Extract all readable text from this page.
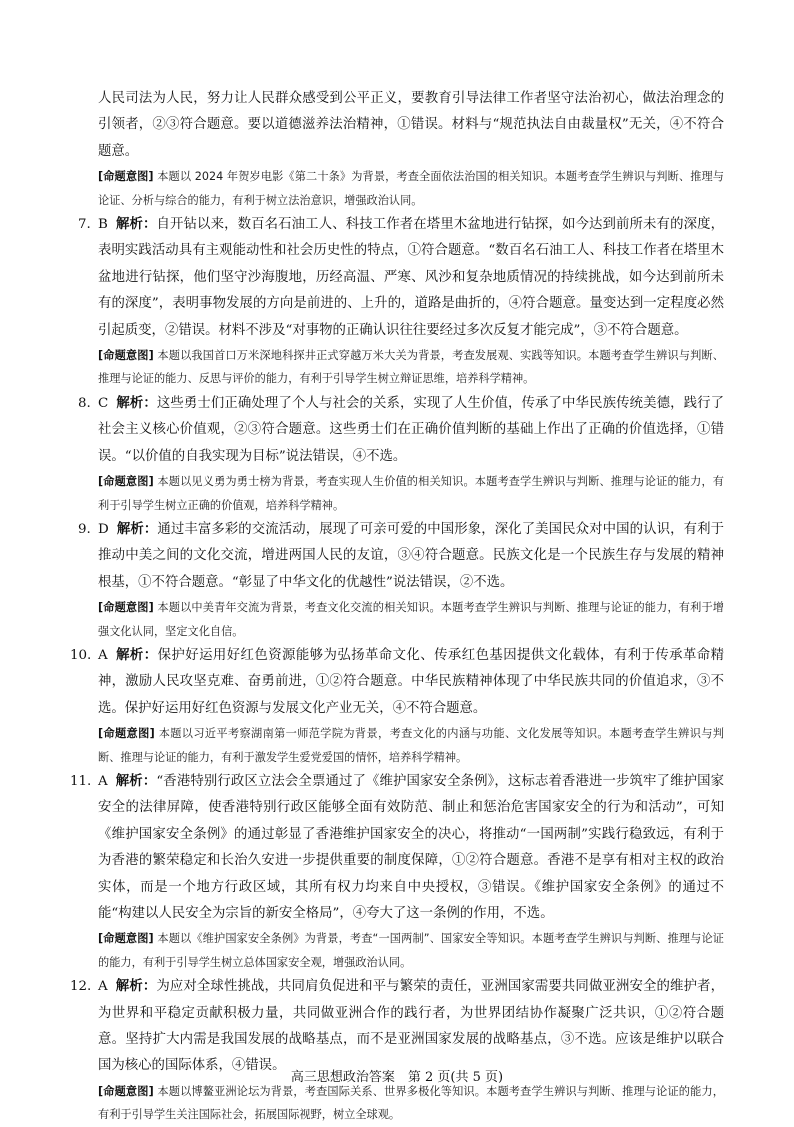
人民司法为人民，努力让人民群众感受到公平正义，要教育引导法律工作者坚守法治初心，做法治理念的引领者，②③符合题意。要以道德滋养法治精神，①错误。材料与“规范执法自由裁量权”无关，④不符合题意。

[命题意图] 本题以 2024 年贺岁电影《第二十条》为背景，考查全面依法治国的相关知识。本题考查学生辨识与判断、推理与论证、分析与综合的能力，有利于树立法治意识，增强政治认同。

7. B 解析：自开钻以来，数百名石油工人、科技工作者在塔里木盆地进行钻探，如今达到前所未有的深度，表明实践活动具有主观能动性和社会历史性的特点，①符合题意。“数百名石油工人、科技工作者在塔里木盆地进行钻探，他们坚守沙海腹地，历经高温、严寒、风沙和复杂地质情况的持续挑战，如今达到前所未有的深度”，表明事物发展的方向是前进的、上升的，道路是曲折的，④符合题意。量变达到一定程度必然引起质变，②错误。材料不涉及“对事物的正确认识往往要经过多次反复才能完成”，③不符合题意。

[命题意图] 本题以我国首口万米深地科探井正式穿越万米大关为背景，考查发展观、实践等知识。本题考查学生辨识与判断、推理与论证的能力、反思与评价的能力，有利于引导学生树立辩证思维，培养科学精神。

8. C 解析：这些勇士们正确处理了个人与社会的关系，实现了人生价值，传承了中华民族传统美德，践行了社会主义核心价值观，②③符合题意。这些勇士们在正确价值判断的基础上作出了正确的价值选择，①错误。“以价值的自我实现为目标”说法错误，④不选。

[命题意图] 本题以见义勇为勇士榜为背景，考查实现人生价值的相关知识。本题考查学生辨识与判断、推理与论证的能力，有利于引导学生树立正确的价值观，培养科学精神。

9. D 解析：通过丰富多彩的交流活动，展现了可亲可爱的中国形象，深化了美国民众对中国的认识，有利于推动中美之间的文化交流，增进两国人民的友谊，③④符合题意。民族文化是一个民族生存与发展的精神根基，①不符合题意。“彰显了中华文化的优越性”说法错误，②不选。

[命题意图] 本题以中美青年交流为背景，考查文化交流的相关知识。本题考查学生辨识与判断、推理与论证的能力，有利于增强文化认同，坚定文化自信。

10. A 解析：保护好运用好红色资源能够为弘扬革命文化、传承红色基因提供文化载体，有利于传承革命精神，激励人民攻坚克难、奋勇前进，①②符合题意。中华民族精神体现了中华民族共同的价值追求，③不选。保护好运用好红色资源与发展文化产业无关，④不符合题意。

[命题意图] 本题以习近平考察湖南第一师范学院为背景，考查文化的内涵与功能、文化发展等知识。本题考查学生辨识与判断、推理与论证的能力，有利于激发学生爱党爱国的情怀，培养科学精神。

11. A 解析：“香港特别行政区立法会全票通过了《维护国家安全条例》，这标志着香港进一步筑牢了维护国家安全的法律屏障，使香港特别行政区能够全面有效防范、制止和惩治危害国家安全的行为和活动”，可知《维护国家安全条例》的通过彰显了香港维护国家安全的决心，将推动“一国两制”实践行稳致远，有利于为香港的繁荣稳定和长治久安进一步提供重要的制度保障，①②符合题意。香港不是享有相对主权的政治实体，而是一个地方行政区域，其所有权力均来自中央授权，③错误。《维护国家安全条例》的通过不能“构建以人民安全为宗旨的新安全格局”，④夸大了这一条例的作用，不选。

[命题意图] 本题以《维护国家安全条例》为背景，考查“一国两制”、国家安全等知识。本题考查学生辨识与判断、推理与论证的能力，有利于引导学生树立总体国家安全观，增强政治认同。

12. A 解析：为应对全球性挑战，共同肩负促进和平与繁荣的责任，亚洲国家需要共同做亚洲安全的维护者，为世界和平稳定贡献积极力量，共同做亚洲合作的践行者，为世界团结协作凝聚广泛共识，①②符合题意。坚持扩大内需是我国发展的战略基点，而不是亚洲国家发展的战略基点，③不选。应该是维护以联合国为核心的国际体系，④错误。

[命题意图] 本题以博鳌亚洲论坛为背景，考查国际关系、世界多极化等知识。本题考查学生辨识与判断、推理与论证的能力，有利于引导学生关注国际社会，拓展国际视野，树立全球观。

高三思想政治答案　第 2 页(共 5 页)
